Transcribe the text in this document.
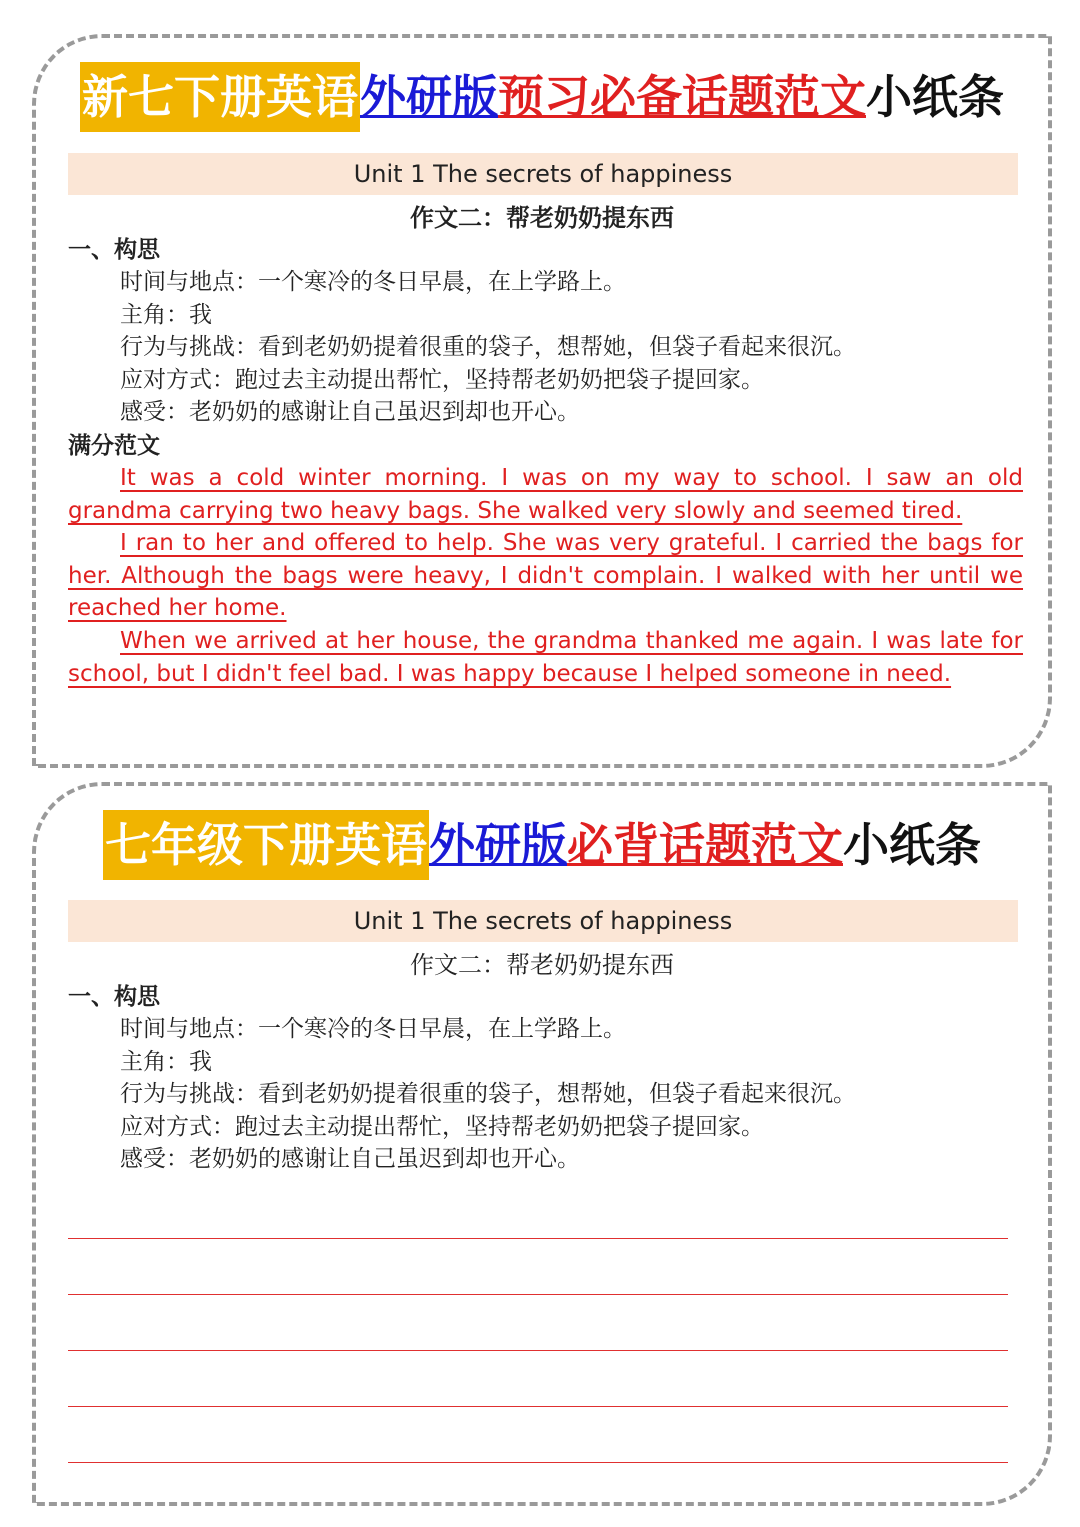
新七下册英语外研版预习必备话题范文小纸条
Unit 1 The secrets of happiness
作文二：帮老奶奶提东西
一、构思
时间与地点：一个寒冷的冬日早晨，在上学路上。
主角：我
行为与挑战：看到老奶奶提着很重的袋子，想帮她，但袋子看起来很沉。
应对方式：跑过去主动提出帮忙，坚持帮老奶奶把袋子提回家。
感受：老奶奶的感谢让自己虽迟到却也开心。
满分范文

It was a cold winter morning. I was on my way to school. I saw an old grandma carrying two heavy bags. She walked very slowly and seemed tired.

I ran to her and offered to help. She was very grateful. I carried the bags for her. Although the bags were heavy, I didn't complain. I walked with her until we reached her home.

When we arrived at her house, the grandma thanked me again. I was late for school, but I didn't feel bad. I was happy because I helped someone in need.

七年级下册英语外研版必背话题范文小纸条
Unit 1 The secrets of happiness
作文二：帮老奶奶提东西
一、构思
时间与地点：一个寒冷的冬日早晨，在上学路上。
主角：我
行为与挑战：看到老奶奶提着很重的袋子，想帮她，但袋子看起来很沉。
应对方式：跑过去主动提出帮忙，坚持帮老奶奶把袋子提回家。
感受：老奶奶的感谢让自己虽迟到却也开心。
